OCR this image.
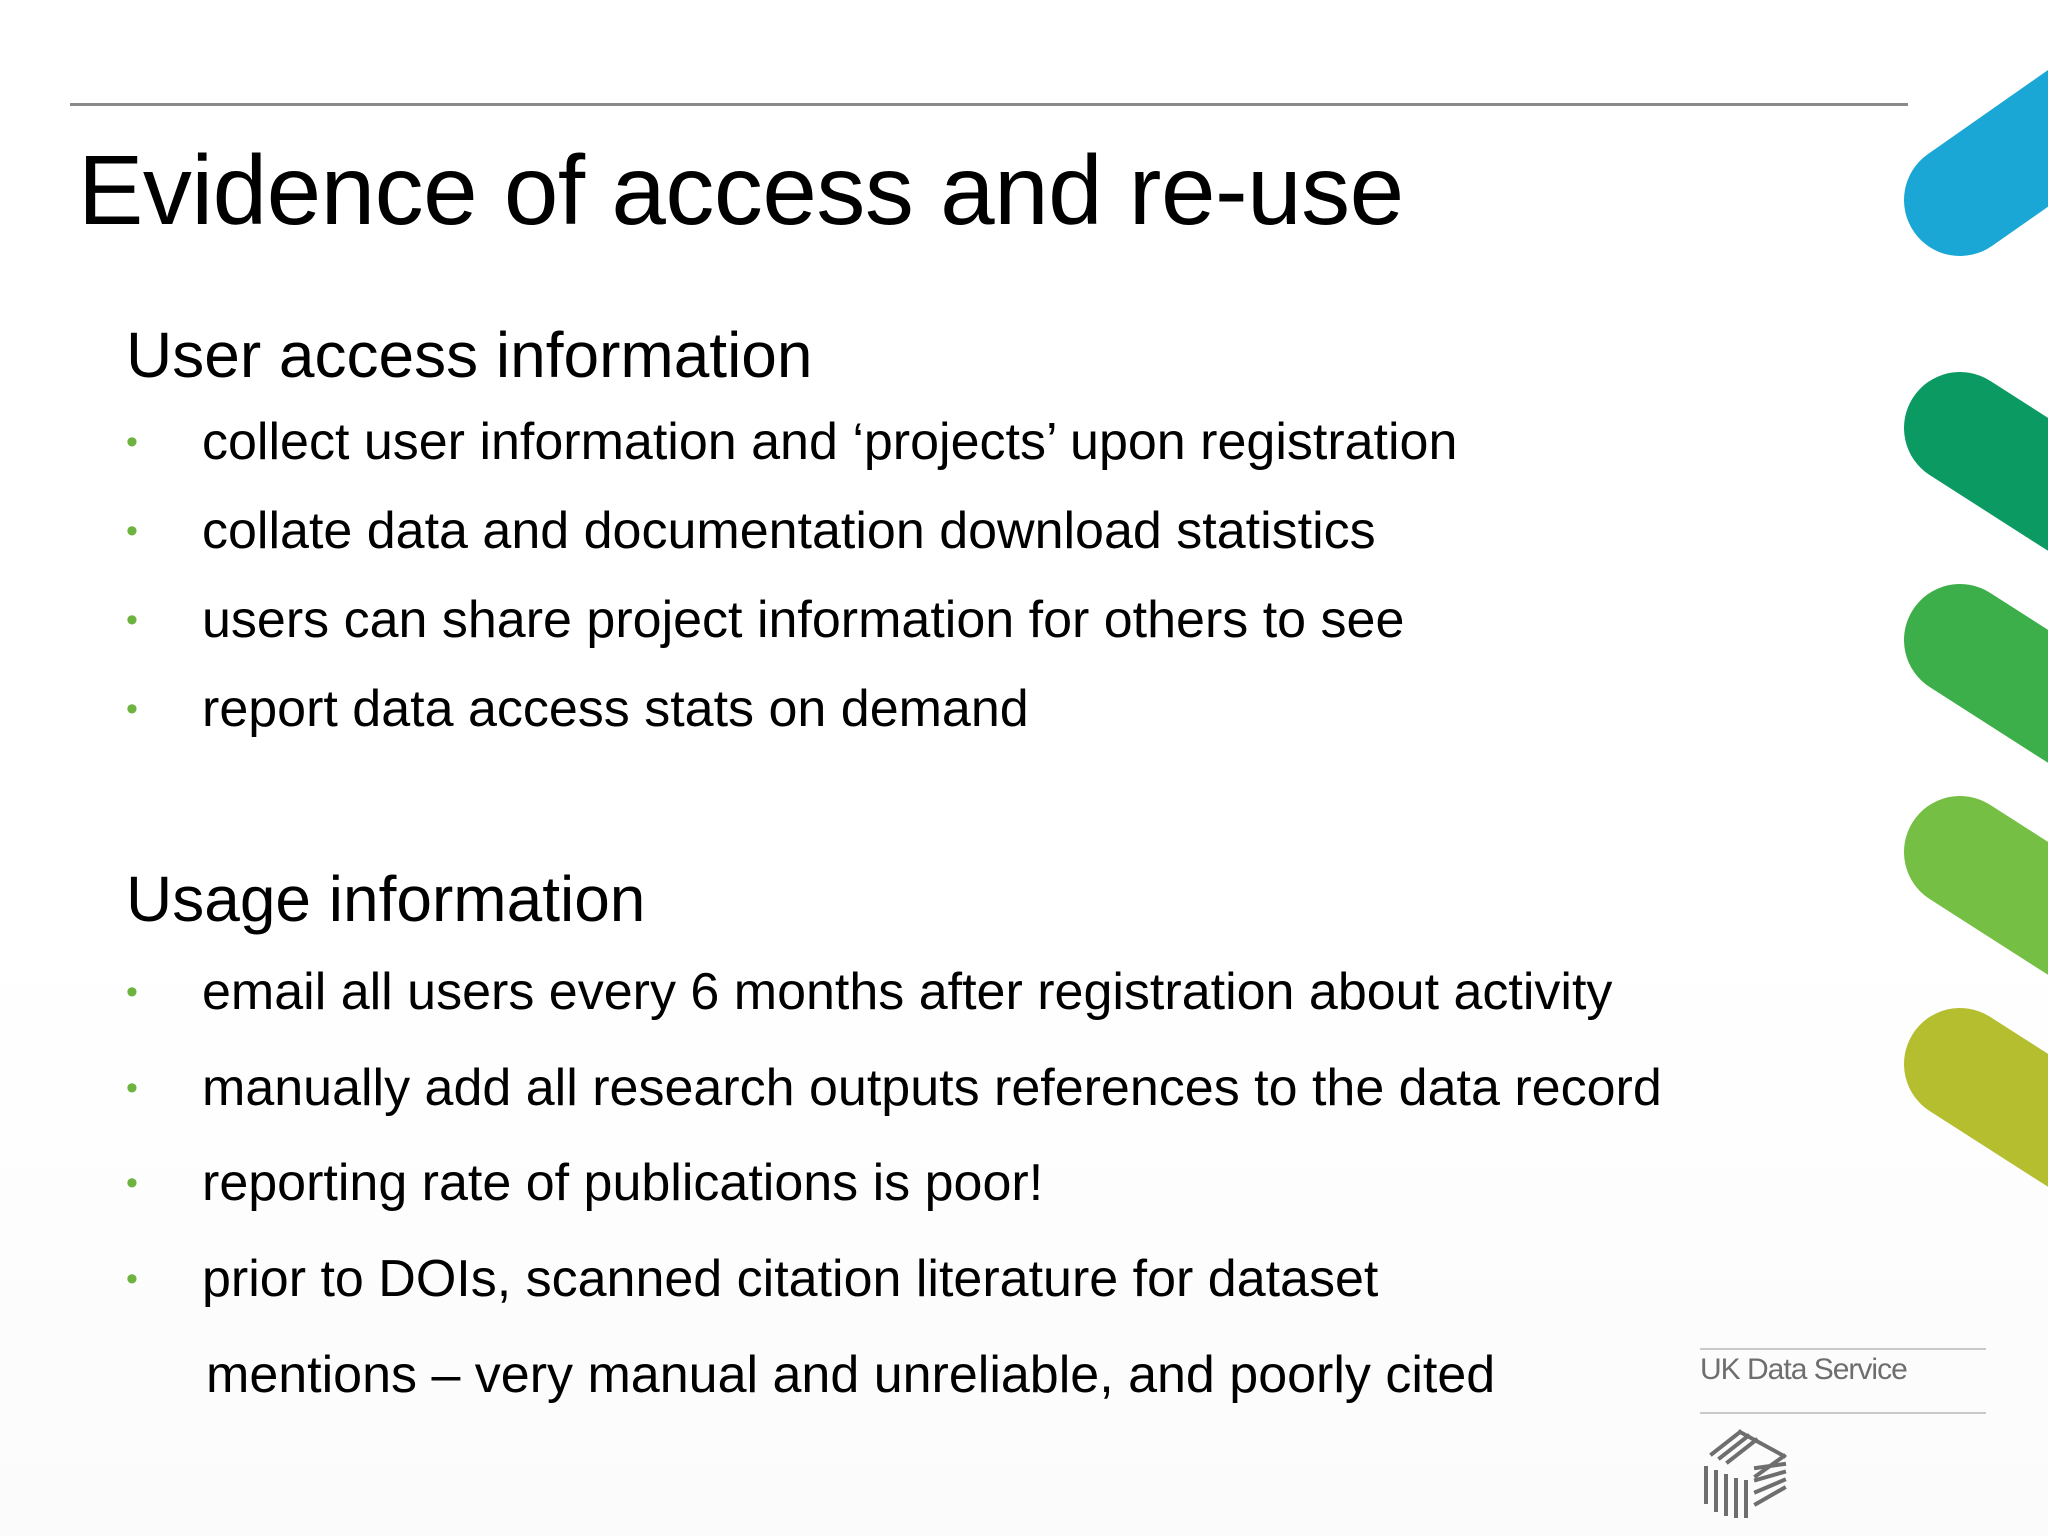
Evidence of access and re-use
User access information
• collect user information and ‘projects’ upon registration
• collate data and documentation download statistics
• users can share project information for others to see
• report data access stats on demand
Usage information
• email all users every 6 months after registration about activity
• manually add all research outputs references to the data record
• reporting rate of publications is poor!
• prior to DOIs, scanned citation literature for dataset
mentions – very manual and unreliable, and poorly cited	UK Data Service
